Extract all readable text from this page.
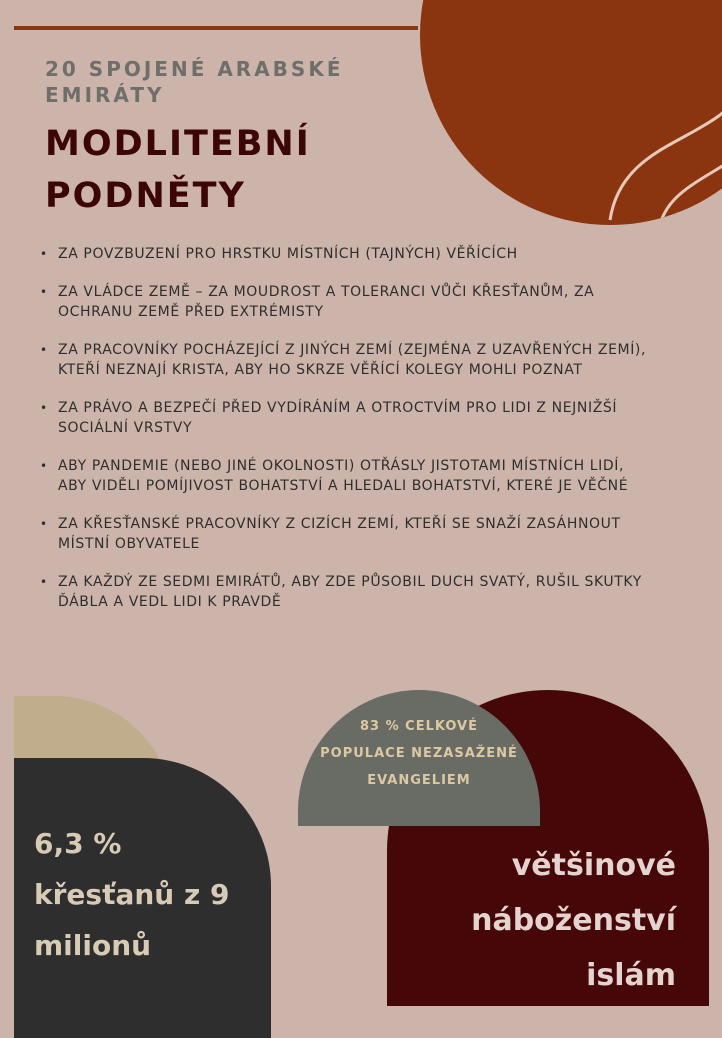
20 SPOJENÉ ARABSKÉ EMIRÁTY
MODLITEBNÍ PODNĚTY
• ZA POVZBUZENÍ PRO HRSTKU MÍSTNÍCH (TAJNÝCH) VĚŘÍCÍCH
• ZA VLÁDCE ZEMĚ – ZA MOUDROST A TOLERANCI VŮČI KŘESŤANŮM, ZA OCHRANU ZEMĚ PŘED EXTRÉMISTY
• ZA PRACOVNÍKY POCHÁZEJÍCÍ Z JINÝCH ZEMÍ (ZEJMÉNA Z UZAVŘENÝCH ZEMÍ), KTEŘÍ NEZNAJÍ KRISTA, ABY HO SKRZE VĚŘÍCÍ KOLEGY MOHLI POZNAT
• ZA PRÁVO A BEZPEČÍ PŘED VYDÍRÁNÍM A OTROCTVÍM PRO LIDI Z NEJNIŽŠÍ SOCIÁLNÍ VRSTVY
• ABY PANDEMIE (NEBO JINÉ OKOLNOSTI) OTŘÁSLY JISTOTAMI MÍSTNÍCH LIDÍ, ABY VIDĚLI POMÍJIVOST BOHATSTVÍ A HLEDALI BOHATSTVÍ, KTERÉ JE VĚČNÉ
• ZA KŘESŤANSKÉ PRACOVNÍKY Z CIZÍCH ZEMÍ, KTEŘÍ SE SNAŽÍ ZASÁHNOUT MÍSTNÍ OBYVATELE
• ZA KAŽDÝ ZE SEDMI EMIRÁTŮ, ABY ZDE PŮSOBIL DUCH SVATÝ, RUŠIL SKUTKY ĎÁBLA A VEDL LIDI K PRAVDĚ
83 % CELKOVÉ POPULACE NEZASAŽENÉ EVANGELIEM
6,3 % křesťanů z 9 milionů
většinové náboženství islám
